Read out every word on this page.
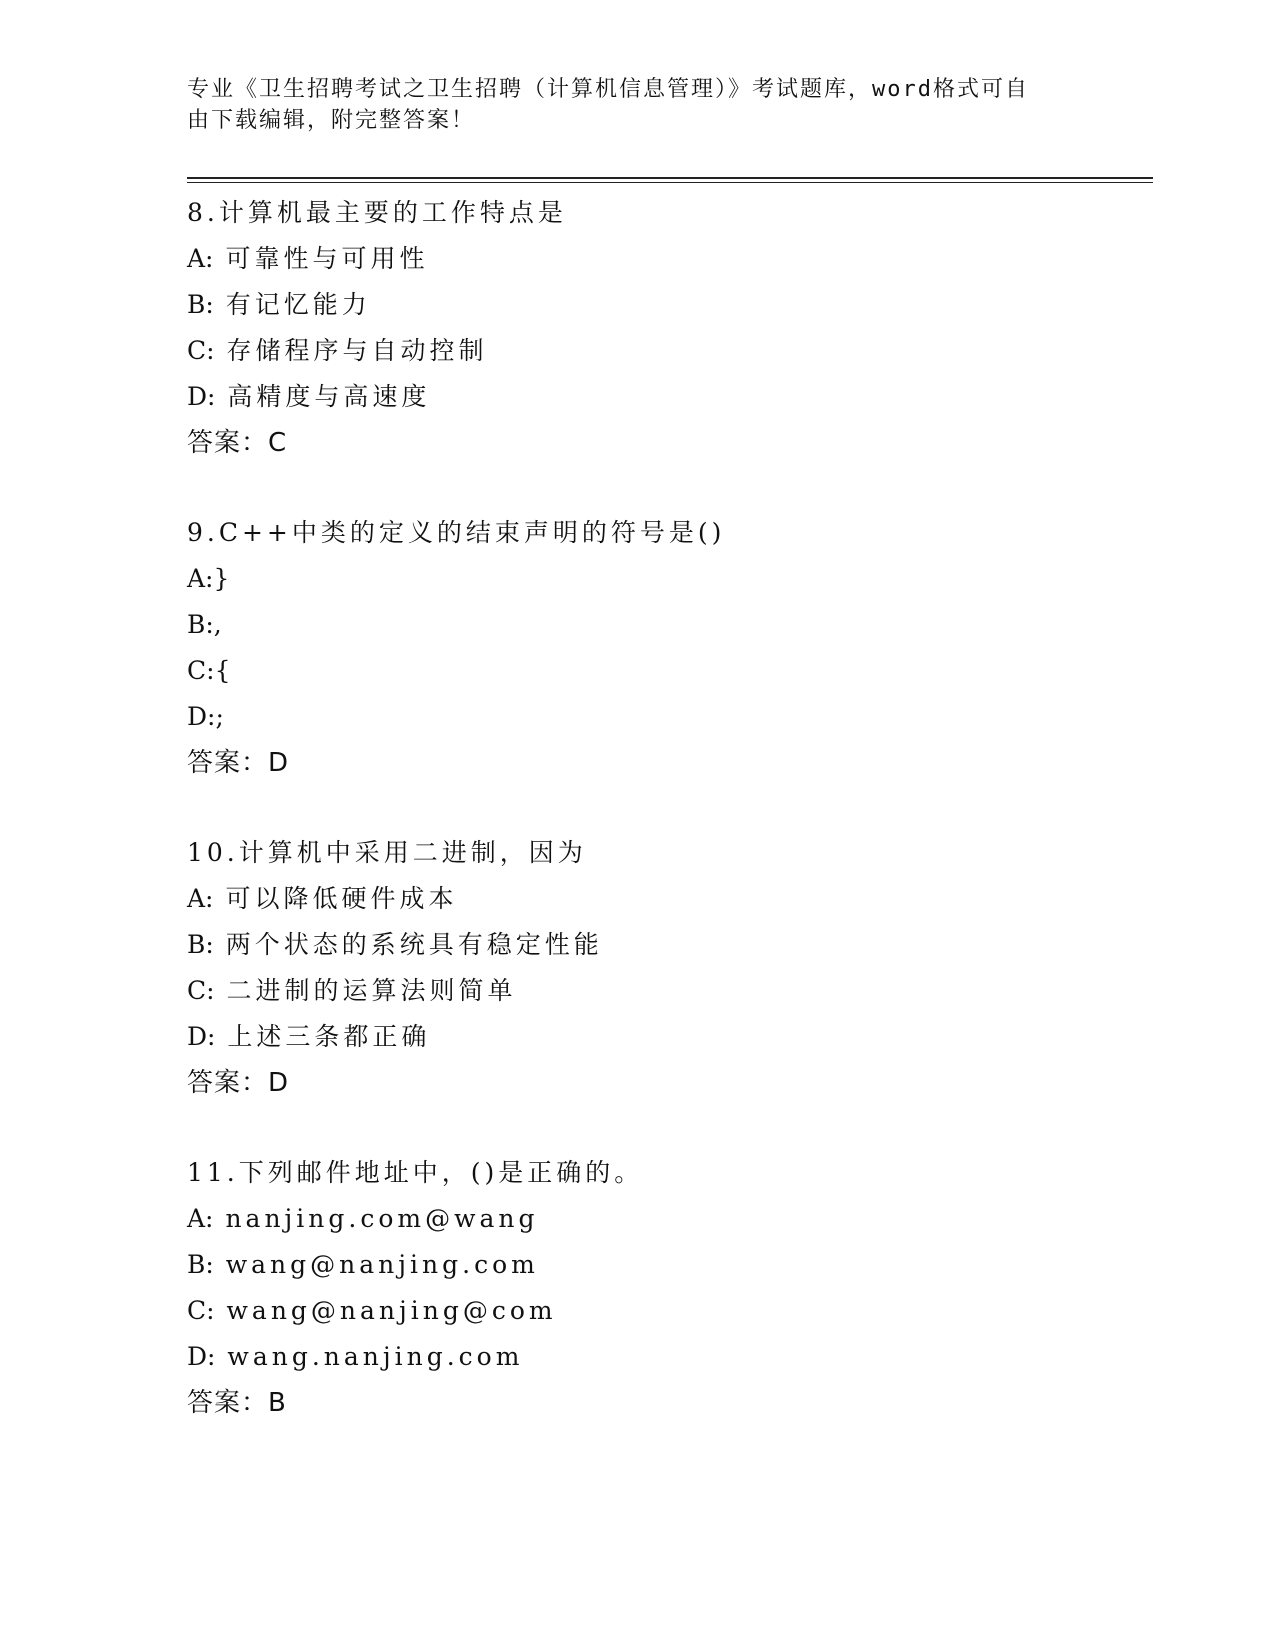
专业《卫生招聘考试之卫生招聘（计算机信息管理）》考试题库，word格式可自
由下载编辑，附完整答案！
8.计算机最主要的工作特点是
A: 可靠性与可用性
B: 有记忆能力
C: 存储程序与自动控制
D: 高精度与高速度
答案：C
9.C++中类的定义的结束声明的符号是()
A:}
B:,
C:{
D:;
答案：D
10.计算机中采用二进制，因为
A: 可以降低硬件成本
B: 两个状态的系统具有稳定性能
C: 二进制的运算法则简单
D: 上述三条都正确
答案：D
11.下列邮件地址中，()是正确的。
A: nanjing.com@wang
B: wang@nanjing.com
C: wang@nanjing@com
D: wang.nanjing.com
答案：B
